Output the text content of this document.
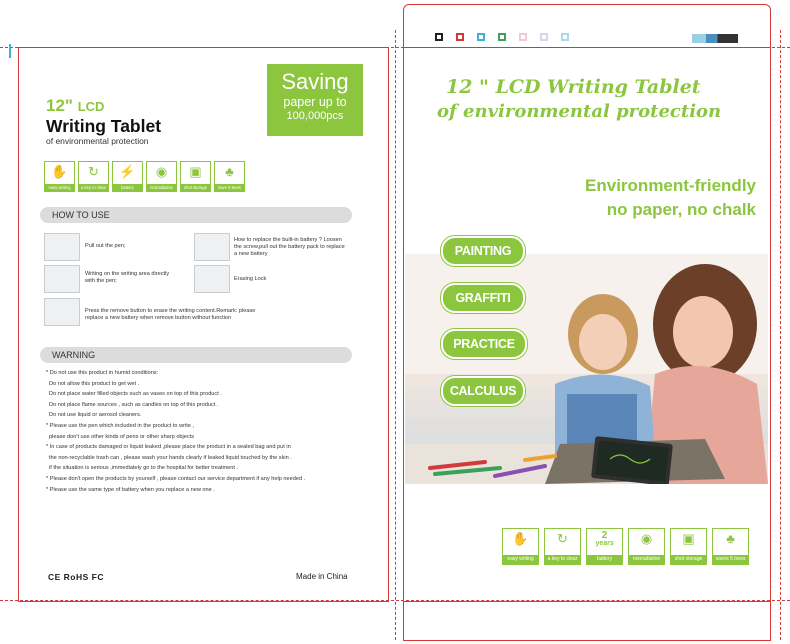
12" LCD
Writing Tablet
of environmental protection
Saving
paper up to
100,000pcs
✋
easy writing
↻
a key to clear
⚡
battery
◉
nonradiative
▣
shot storage
♣
save 5 trees
HOW TO USE
Pull out the pen;
How to replace the built-in battery ? Loosen the screw,pull out the battery pack to replace a new battery
Writing on the writing area directly with the pen;	Erasing Lock
Press the remove button to erase the writing content.Remark: please replace a new battery when remove button without function
WARNING
* Do not use this product in humid conditions:
Do not allow this product to get wet .
Do not place water filled objects such as vases on top of this product .
Do not place flame sources , such as candles on top of this product .
Do not use liquid or aerosol cleaners.
* Please use the pen which included in the product to write ,
please don't use other kinds of pens or other sharp objects
* In case of products damaged or liquid leaked ,please place the product in a sealed bag and put in
the non-recyclable trash can , please wash your hands clearly if leaked liquid touched by the skin .
if the situation is serious ,immediately go to the hospital for better treatment .
* Please don't open the products by yourself , please contact our service department if any help needed .
* Please use the same type of battery when you replace a new one .
CE RoHS FC	Made in China
12 " LCD Writing Tablet
of environmental protection
Environment-friendly
no paper, no chalk
PAINTING
GRAFFITI
PRACTICE
CALCULUS
✋
easy writing
↻
a key to clear
2
years
battery
◉
nonradiative
▣
shot storage
♣
saves 5 trees
